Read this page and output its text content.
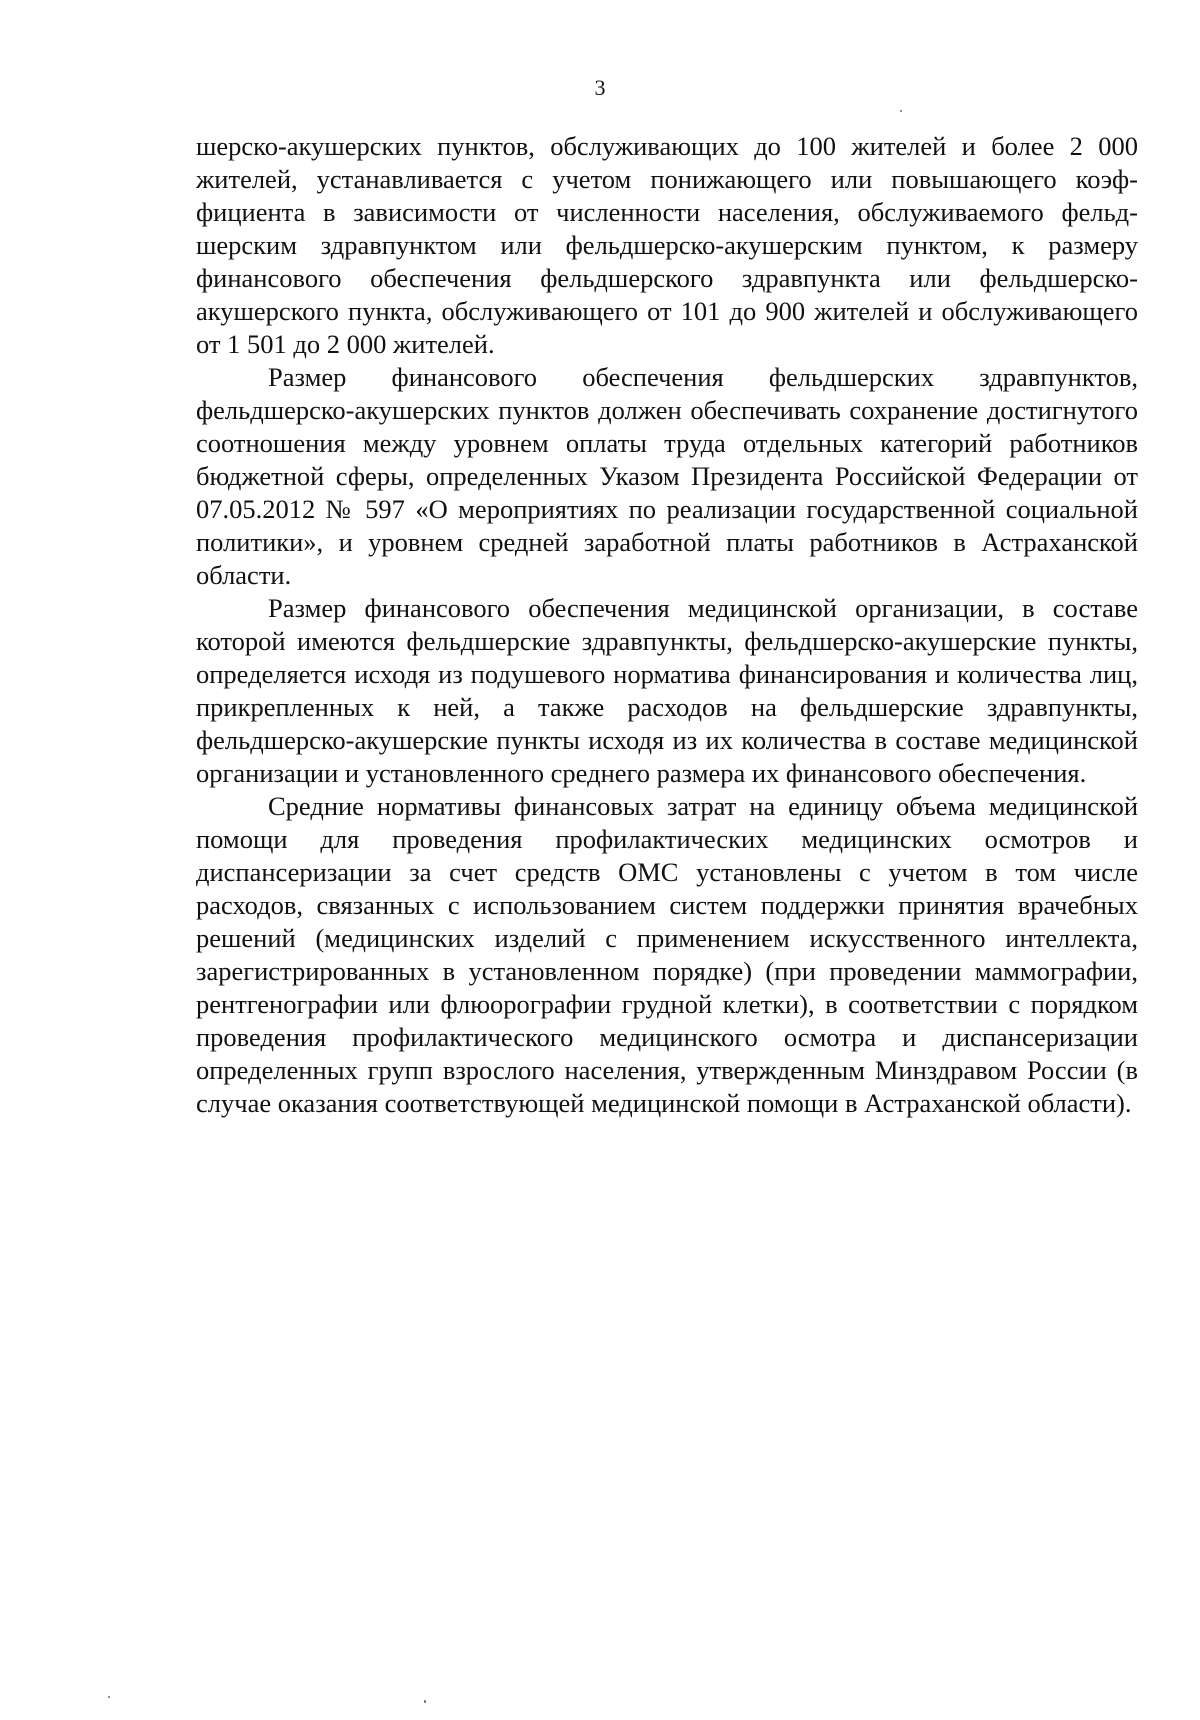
3

шерско-акушерских пунктов, обслуживающих до 100 жителей и более 2 000 жителей, устанавливается с учетом понижающего или повышающего коэффициента в зависимости от численности населения, обслуживаемого фельдшерским здравпунктом или фельдшерско-акушерским пунктом, к размеру финансового обеспечения фельдшерского здравпункта или фельдшерско-акушерского пункта, обслуживающего от 101 до 900 жителей и обслуживающего от 1 501 до 2 000 жителей.

Размер финансового обеспечения фельдшерских здравпунктов, фельдшерско-акушерских пунктов должен обеспечивать сохранение достигнутого соотношения между уровнем оплаты труда отдельных категорий работников бюджетной сферы, определенных Указом Президента Российской Федерации от 07.05.2012 № 597 «О мероприятиях по реализации государственной социальной политики», и уровнем средней заработной платы работников в Астраханской области.

Размер финансового обеспечения медицинской организации, в составе которой имеются фельдшерские здравпункты, фельдшерско-акушерские пункты, определяется исходя из подушевого норматива финансирования и количества лиц, прикрепленных к ней, а также расходов на фельдшерские здравпункты, фельдшерско-акушерские пункты исходя из их количества в составе медицинской организации и установленного среднего размера их финансового обеспечения.

Средние нормативы финансовых затрат на единицу объема медицинской помощи для проведения профилактических медицинских осмотров и диспансеризации за счет средств ОМС установлены с учетом в том числе расходов, связанных с использованием систем поддержки принятия врачебных решений (медицинских изделий с применением искусственного интеллекта, зарегистрированных в установленном порядке) (при проведении маммографии, рентгенографии или флюорографии грудной клетки), в соответствии с порядком проведения профилактического медицинского осмотра и диспансеризации определенных групп взрослого населения, утвержденным Минздравом России (в случае оказания соответствующей медицинской помощи в Астраханской области).
